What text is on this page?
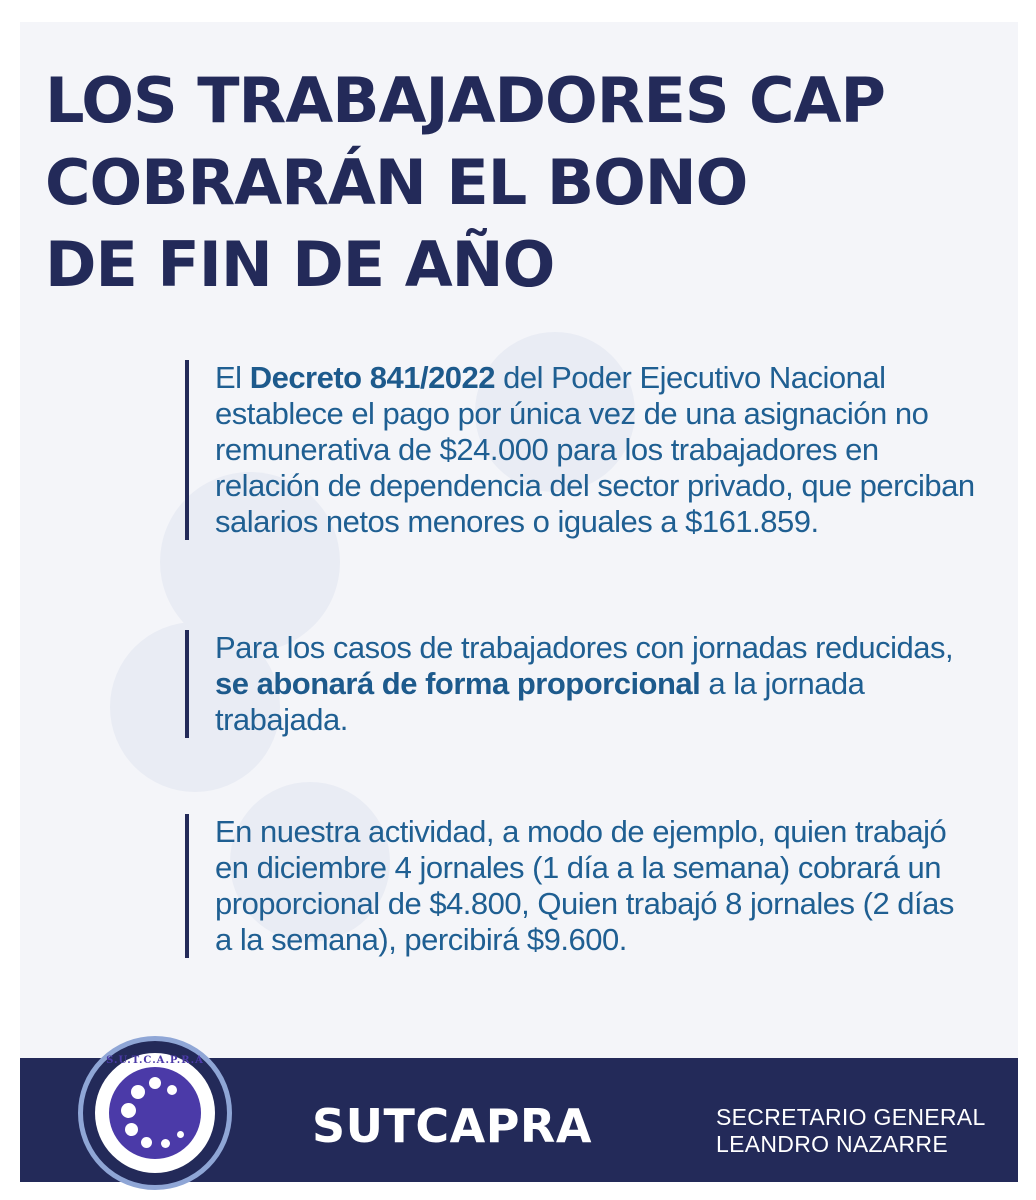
LOS TRABAJADORES CAP
COBRARÁN EL BONO
DE FIN DE AÑO

El Decreto 841/2022 del Poder Ejecutivo Nacional establece el pago por única vez de una asignación no remunerativa de $24.000 para los trabajadores en relación de dependencia del sector privado, que perciban salarios netos menores o iguales a $161.859.

Para los casos de trabajadores con jornadas reducidas, se abonará de forma proporcional a la jornada trabajada.

En nuestra actividad, a modo de ejemplo, quien trabajó en diciembre 4 jornales (1 día a la semana) cobrará un proporcional de $4.800, Quien trabajó 8 jornales (2 días a la semana), percibirá $9.600.

S.U.T.C.A.P.R.A
SUTCAPRA	SECRETARIO GENERAL
LEANDRO NAZARRE
